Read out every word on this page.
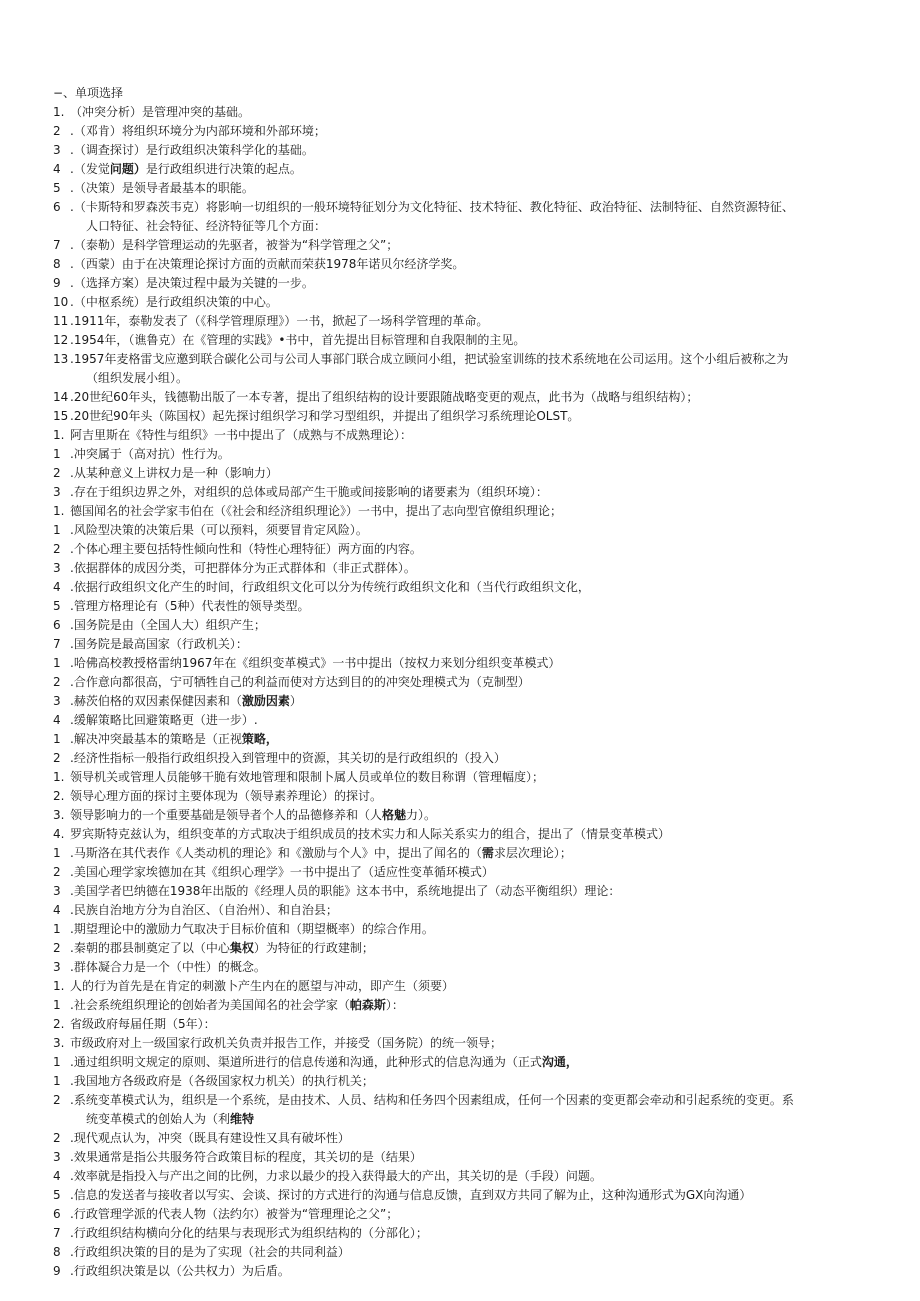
−、单项选择
1. （冲突分析）是管理冲突的基础。
2 .（邓肯）将组织环境分为内部环境和外部环境；
3 .（调查探讨）是行政组织决策科学化的基础。
4 .（发觉问题）是行政组织进行决策的起点。
5 .（决策）是领导者最基本的职能。
6 .（卡斯特和罗森茨韦克）将影响一切组织的一般环境特征划分为文化特征、技术特征、教化特征、政治特征、法制特征、自然资源特征、
人口特征、社会特征、经济特征等几个方面：
7 .（泰勒）是科学管理运动的先驱者，被誉为“科学管理之父”；
8 .（西蒙）由于在决策理论探讨方面的贡献而荣获1978年诺贝尔经济学奖。
9 .（选择方案）是决策过程中最为关键的一步。
10 .（中枢系统）是行政组织决策的中心。
11 .1911年，泰勒发表了（《科学管理原理》）一书，掀起了一场科学管理的革命。
12 .1954年，（谯鲁克）在《管理的实践》•书中，首先提出目标管理和自我限制的主见。
13 .1957年麦格雷戈应邀到联合碳化公司与公司人事部门联合成立顾问小组，把试验室训练的技术系统地在公司运用。这个小组后被称之为
（组织发展小组）。
14 .20世纪60年头，钱德勒出版了一本专著，提出了组织结构的设计要跟随战略变更的观点，此书为（战略与组织结构）；
15 .20世纪90年头（陈国权）起先探讨组织学习和学习型组织，并提出了组织学习系统理论OLST。
1. 阿吉里斯在《特性与组织》一书中提出了（成熟与不成熟理论）：
1 .冲突属于（高对抗）性行为。
2 .从某种意义上讲权力是一种（影响力）
3 .存在于组织边界之外，对组织的总体或局部产生干脆或间接影响的诸要素为（组织环境）：
1. 德国闻名的社会学家韦伯在（《社会和经济组织理论》）一书中，提出了志向型官僚组织理论；
1 .风险型决策的决策后果（可以预料，须要冒肯定风险）。
2 .个体心理主要包括特性倾向性和（特性心理特征）两方面的内容。
3 .依据群体的成因分类，可把群体分为正式群体和（非正式群体）。
4 .依据行政组织文化产生的时间，行政组织文化可以分为传统行政组织文化和（当代行政组织文化，
5 .管理方格理论有（5种）代表性的领导类型。
6 .国务院是由（全国人大）组织产生；
7 .国务院是最高国家（行政机关）：
1 .哈佛高校教授格雷纳1967年在《组织变革模式》一书中提出（按权力来划分组织变革模式）
2 .合作意向都很高，宁可牺牲自己的利益而使对方达到目的的冲突处理模式为（克制型）
3 .赫茨伯格的双因素保健因素和（激励因素）
4 .缓解策略比回避策略更（进一步）.
1 .解决冲突最基本的策略是（正视策略，
2 .经济性指标一般指行政组织投入到管理中的资源，其关切的是行政组织的（投入）
1. 领导机关或管理人员能够干脆有效地管理和限制卜属人员或单位的数目称谓（管理幅度）；
2. 领导心理方面的探讨主要体现为（领导素养理论）的探讨。
3. 领导影响力的一个重要基础是领导者个人的品德修养和（人格魅力）。
4. 罗宾斯特克兹认为，组织变革的方式取决于组织成员的技术实力和人际关系实力的组合，提出了（情景变革模式）
1 .马斯洛在其代表作《人类动机的理论》和《激励与个人》中，提出了闻名的（需求层次理论）；
2 .美国心理学家埃德加在其《组织心理学》一书中提出了（适应性变革循环模式）
3 .美国学者巴纳德在1938年出版的《经理人员的职能》这本书中，系统地提出了（动态平衡组织）理论：
4 .民族自治地方分为自治区、（自治州）、和自治县；
1 .期望理论中的激励力气取决于目标价值和（期望概率）的综合作用。
2 .秦朝的郡县制奠定了以（中心集权）为特征的行政建制；
3 .群体凝合力是一个（中性）的概念。
1. 人的行为首先是在肯定的刺激卜产生内在的愿望与冲动，即产生（须要）
1 .社会系统组织理论的创始者为美国闻名的社会学家（帕森斯）：
2. 省级政府每届任期（5年）：
3. 市级政府对上一级国家行政机关负责并报告工作，并接受（国务院）的统一领导；
1 .通过组织明文规定的原则、渠道所进行的信息传递和沟通，此种形式的信息沟通为（正式沟通，
1 .我国地方各级政府是（各级国家权力机关）的执行机关；
2 .系统变革模式认为，组织是一个系统，是由技术、人员、结构和任务四个因素组成，任何一个因素的变更都会牵动和引起系统的变更。系
统变革模式的创始人为（利维特
2 .现代观点认为，冲突（既具有建设性又具有破坏性）
3 .效果通常是指公共服务符合政策目标的程度，其关切的是（结果）
4 .效率就是指投入与产出之间的比例，力求以最少的投入获得最大的产出，其关切的是（手段）问题。
5 .信息的发送者与接收者以写实、会谈、探讨的方式进行的沟通与信息反馈，直到双方共同了解为止，这种沟通形式为GX向沟通）
6 .行政管理学派的代表人物（法约尔）被誉为“管理理论之父”；
7 .行政组织结构横向分化的结果与表现形式为组织结构的（分部化）；
8 .行政组织决策的目的是为了实现（社会的共同利益）
9 .行政组织决策是以（公共权力）为后盾。
